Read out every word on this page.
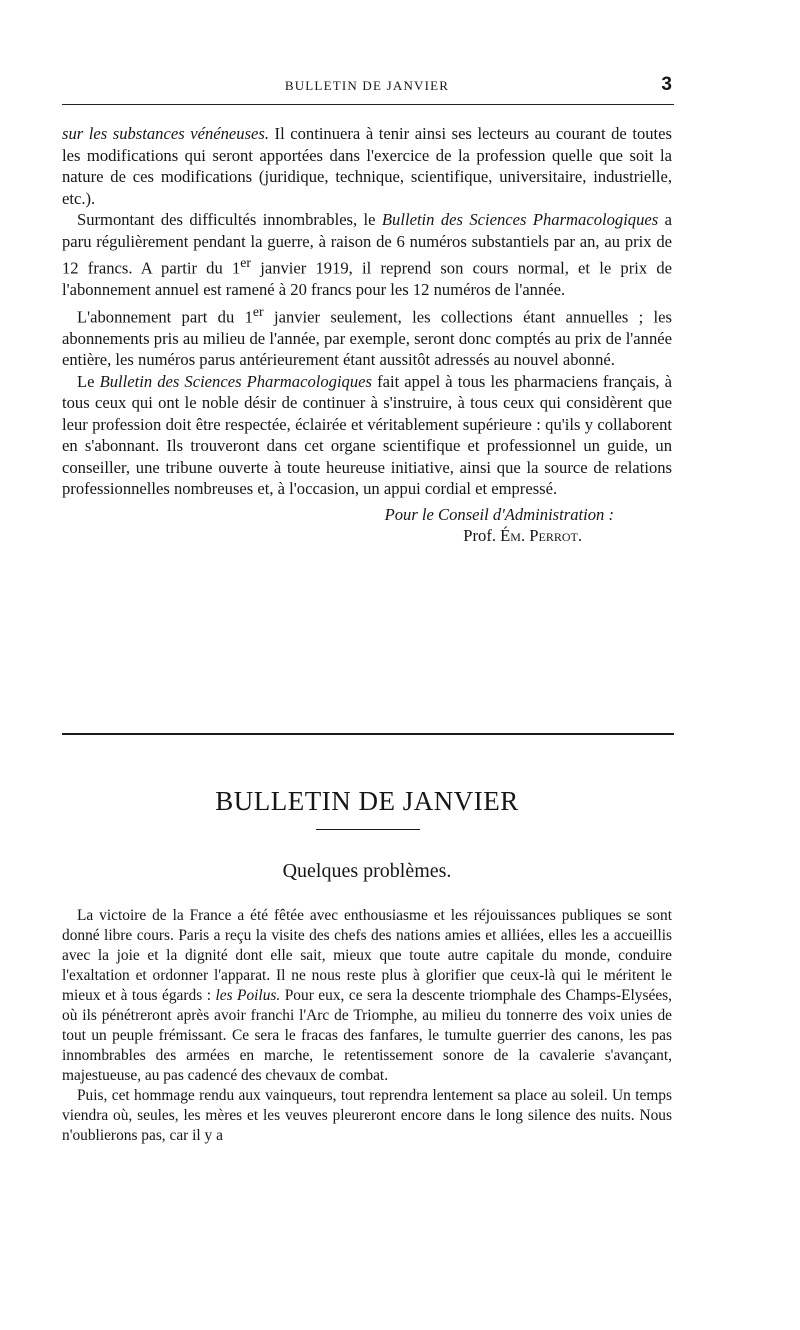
BULLETIN DE JANVIER	3

sur les substances vénéneuses. Il continuera à tenir ainsi ses lecteurs au courant de toutes les modifications qui seront apportées dans l'exercice de la profession quelle que soit la nature de ces modifications (juridique, technique, scientifique, universitaire, industrielle, etc.).

Surmontant des difficultés innombrables, le Bulletin des Sciences Pharmacologiques a paru régulièrement pendant la guerre, à raison de 6 numéros substantiels par an, au prix de 12 francs. A partir du 1er janvier 1919, il reprend son cours normal, et le prix de l'abonnement annuel est ramené à 20 francs pour les 12 numéros de l'année.

L'abonnement part du 1er janvier seulement, les collections étant annuelles ; les abonnements pris au milieu de l'année, par exemple, seront donc comptés au prix de l'année entière, les numéros parus antérieurement étant aussitôt adressés au nouvel abonné.

Le Bulletin des Sciences Pharmacologiques fait appel à tous les pharmaciens français, à tous ceux qui ont le noble désir de continuer à s'instruire, à tous ceux qui considèrent que leur profession doit être respectée, éclairée et véritablement supérieure : qu'ils y collaborent en s'abonnant. Ils trouveront dans cet organe scientifique et professionnel un guide, un conseiller, une tribune ouverte à toute heureuse initiative, ainsi que la source de relations professionnelles nombreuses et, à l'occasion, un appui cordial et empressé.

Pour le Conseil d'Administration :

Prof. Ém. Perrot.

BULLETIN DE JANVIER
Quelques problèmes.

La victoire de la France a été fêtée avec enthousiasme et les réjouissances publiques se sont donné libre cours. Paris a reçu la visite des chefs des nations amies et alliées, elles les a accueillis avec la joie et la dignité dont elle sait, mieux que toute autre capitale du monde, conduire l'exaltation et ordonner l'apparat. Il ne nous reste plus à glorifier que ceux-là qui le méritent le mieux et à tous égards : les Poilus. Pour eux, ce sera la descente triomphale des Champs-Elysées, où ils pénétreront après avoir franchi l'Arc de Triomphe, au milieu du tonnerre des voix unies de tout un peuple frémissant. Ce sera le fracas des fanfares, le tumulte guerrier des canons, les pas innombrables des armées en marche, le retentissement sonore de la cavalerie s'avançant, majestueuse, au pas cadencé des chevaux de combat.

Puis, cet hommage rendu aux vainqueurs, tout reprendra lentement sa place au soleil. Un temps viendra où, seules, les mères et les veuves pleureront encore dans le long silence des nuits. Nous n'oublierons pas, car il y a
